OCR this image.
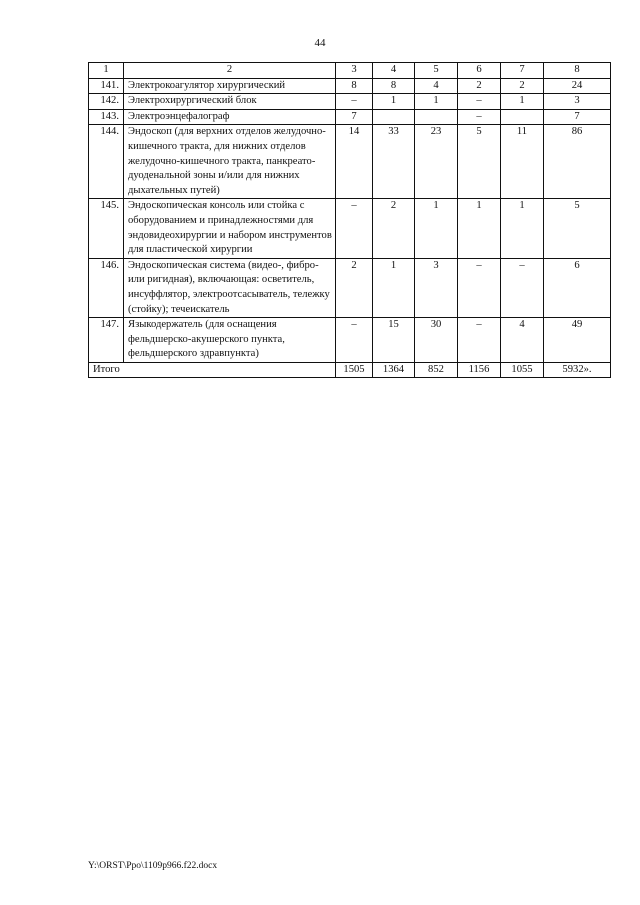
44
1	2	3	4	5	6	7	8
141.	Электрокоагулятор хирургический	8	8	4	2	2	24
142.	Электрохирургический блок	–	1	1	–	1	3
143.	Электроэнцефалограф	7			–		7
144.	Эндоскоп (для верхних отделов желудочно-кишечного тракта, для нижних отделов желудочно-кишечного тракта, панкреато-дуоденальной зоны и/или для нижних дыхательных путей)	14	33	23	5	11	86
145.	Эндоскопическая консоль или стойка с оборудованием и принадлежностями для эндовидеохирургии и набором инструментов для пластической хирургии	–	2	1	1	1	5
146.	Эндоскопическая система (видео-, фибро- или ригидная), включающая: осветитель, инсуффлятор, электроотсасыватель, тележку (стойку); течеискатель	2	1	3	–	–	6
147.	Языкодержатель (для оснащения фельдшерско-акушерского пункта, фельдшерского здравпункта)	–	15	30	–	4	49
Итого		1505	1364	852	1156	1055	5932».
Y:\ORST\Ppo\1109p966.f22.docx
